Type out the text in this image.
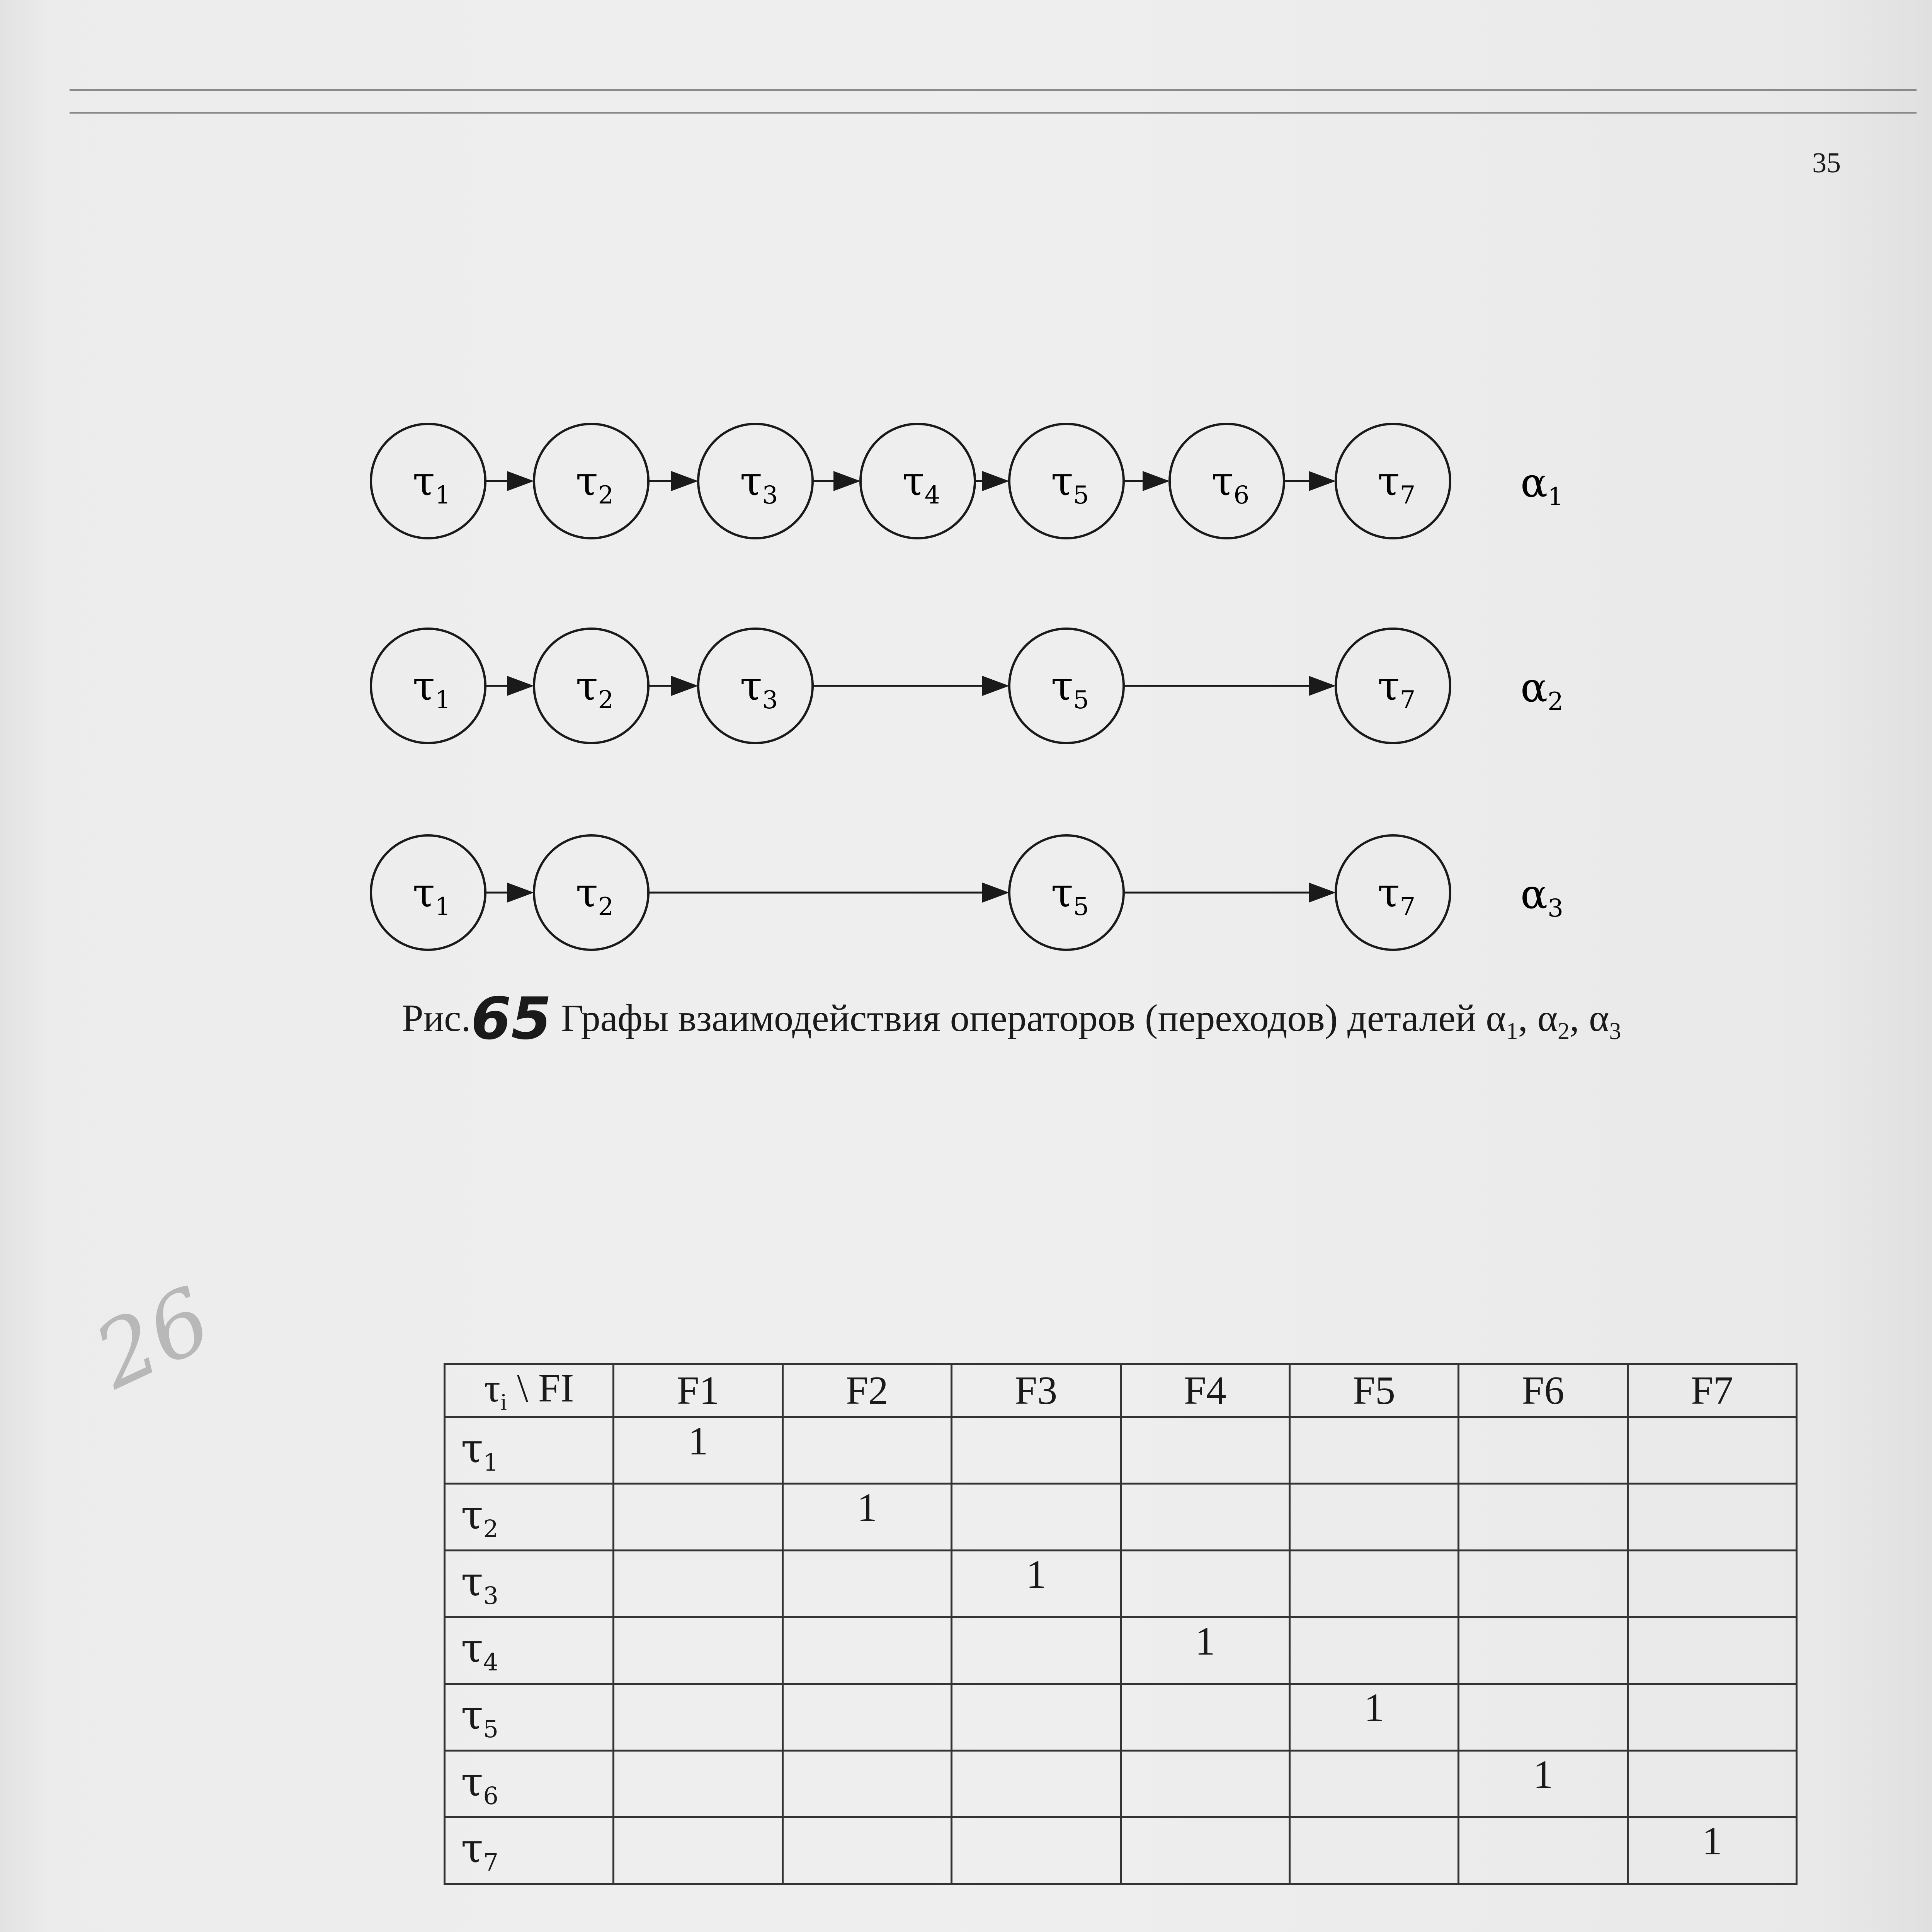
35
26
$\tau_1$	$\tau_2$	$\tau_3$	$\tau_4$	$\tau_5$	$\tau_6$	$\tau_7$	$\alpha_1$
$\tau_1$	$\tau_2$	$\tau_3$	$\tau_5$	$\tau_7$	$\alpha_2$
$\tau_1$	$\tau_2$	$\tau_5$	$\tau_7$	$\alpha_3$
Рис.65 Графы взаимодействия операторов (переходов) деталей $\alpha_1$, $\alpha_2$, $\alpha_3$
$\tau_i$ \ FI	F1	F2	F3	F4	F5	F6	F7
$\tau_1$	1						
$\tau_2$		1					
$\tau_3$			1				
$\tau_4$				1			
$\tau_5$					1		
$\tau_6$						1	
$\tau_7$							1
